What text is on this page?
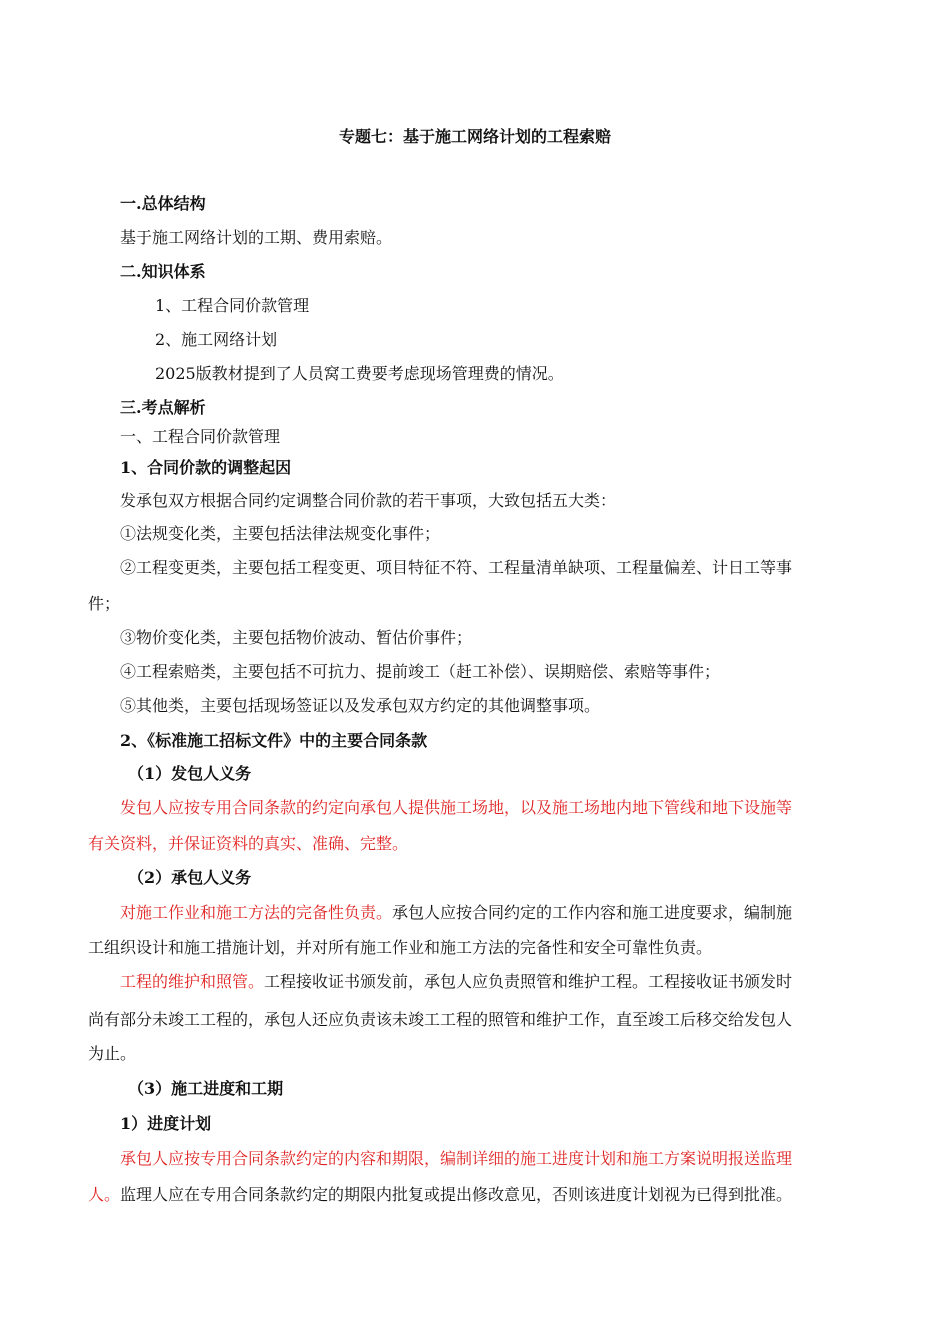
专题七：基于施工网络计划的工程索赔
一.总体结构
基于施工网络计划的工期、费用索赔。
二.知识体系
1、工程合同价款管理
2、施工网络计划
2025版教材提到了人员窝工费要考虑现场管理费的情况。
三.考点解析
一、工程合同价款管理
1、合同价款的调整起因
发承包双方根据合同约定调整合同价款的若干事项，大致包括五大类：
①法规变化类，主要包括法律法规变化事件；
②工程变更类，主要包括工程变更、项目特征不符、工程量清单缺项、工程量偏差、计日工等事
件；
③物价变化类，主要包括物价波动、暂估价事件；
④工程索赔类，主要包括不可抗力、提前竣工（赶工补偿）、误期赔偿、索赔等事件；
⑤其他类，主要包括现场签证以及发承包双方约定的其他调整事项。
2、《标准施工招标文件》中的主要合同条款
（1）发包人义务
发包人应按专用合同条款的约定向承包人提供施工场地，以及施工场地内地下管线和地下设施等
有关资料，并保证资料的真实、准确、完整。
（2）承包人义务
对施工作业和施工方法的完备性负责。承包人应按合同约定的工作内容和施工进度要求，编制施
工组织设计和施工措施计划，并对所有施工作业和施工方法的完备性和安全可靠性负责。
工程的维护和照管。工程接收证书颁发前，承包人应负责照管和维护工程。工程接收证书颁发时
尚有部分未竣工工程的，承包人还应负责该未竣工工程的照管和维护工作，直至竣工后移交给发包人
为止。
（3）施工进度和工期
1）进度计划
承包人应按专用合同条款约定的内容和期限，编制详细的施工进度计划和施工方案说明报送监理
人。监理人应在专用合同条款约定的期限内批复或提出修改意见，否则该进度计划视为已得到批准。
